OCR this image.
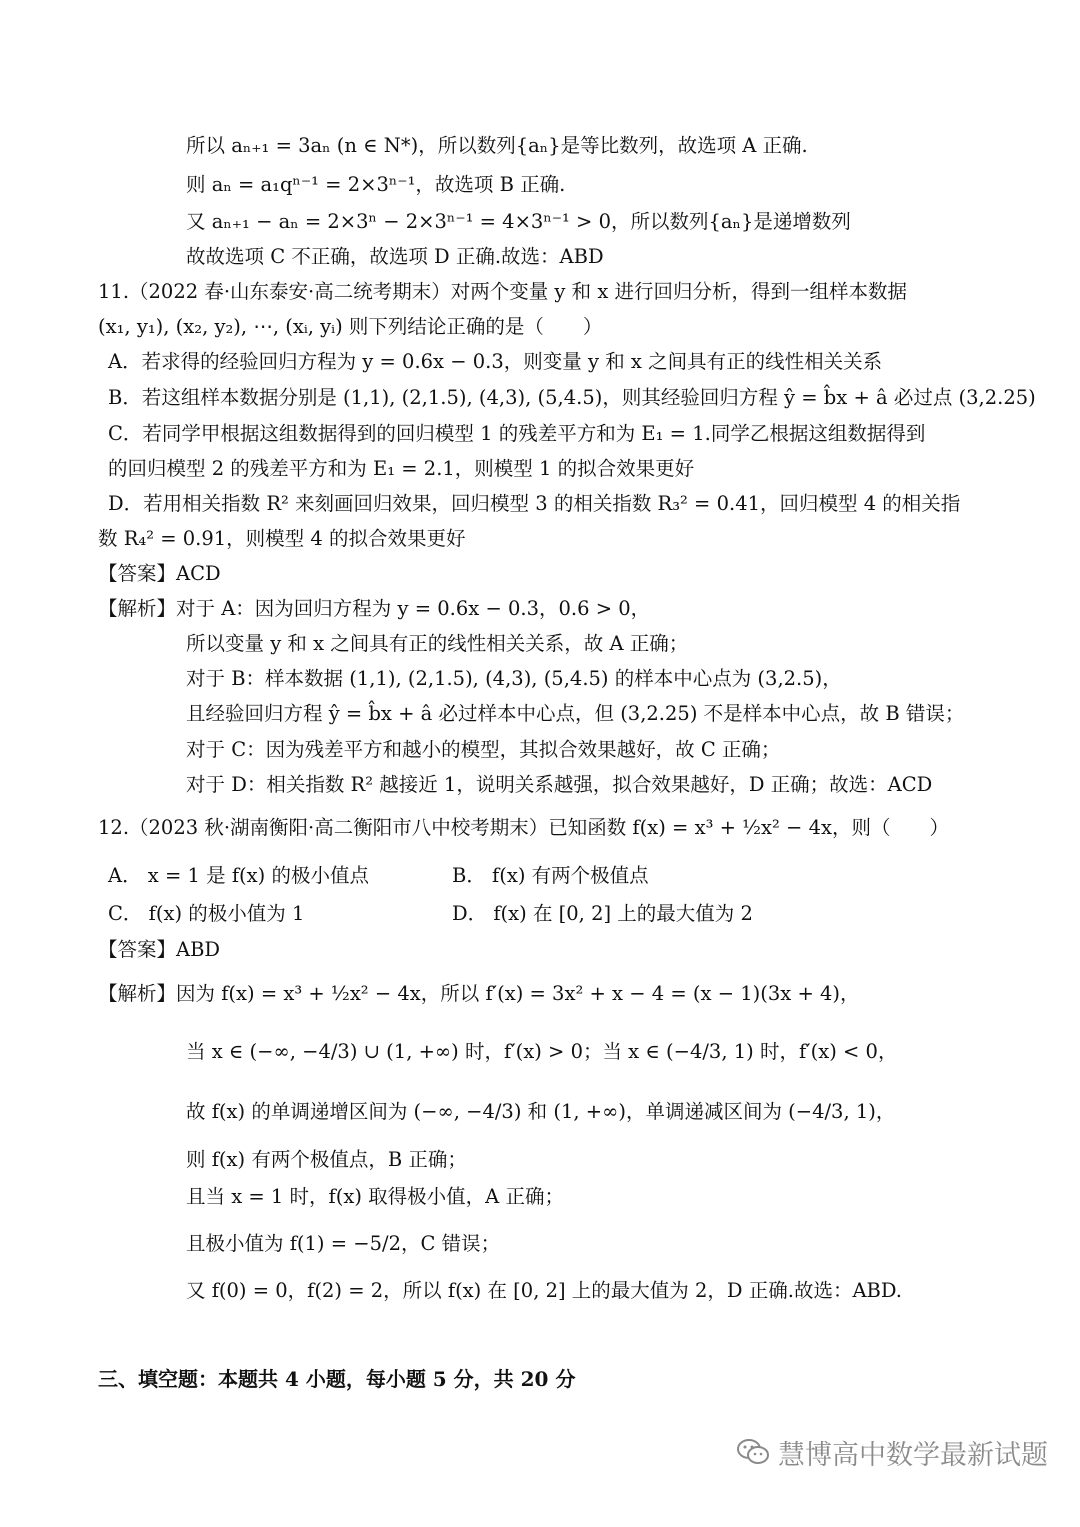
所以 aₙ₊₁ = 3aₙ (n ∈ N*)，所以数列{aₙ}是等比数列，故选项 A 正确.
则 aₙ = a₁qⁿ⁻¹ = 2×3ⁿ⁻¹，故选项 B 正确.
又 aₙ₊₁ − aₙ = 2×3ⁿ − 2×3ⁿ⁻¹ = 4×3ⁿ⁻¹ > 0，所以数列{aₙ}是递增数列
故故选项 C 不正确，故选项 D 正确.故选：ABD
11.（2022 春·山东泰安·高二统考期末）对两个变量 y 和 x 进行回归分析，得到一组样本数据
(x₁, y₁), (x₂, y₂), ⋯, (xᵢ, yᵢ) 则下列结论正确的是（　　）
A．若求得的经验回归方程为 y = 0.6x − 0.3，则变量 y 和 x 之间具有正的线性相关关系
B．若这组样本数据分别是 (1,1), (2,1.5), (4,3), (5,4.5)，则其经验回归方程 ŷ = b̂x + â 必过点 (3,2.25)
C．若同学甲根据这组数据得到的回归模型 1 的残差平方和为 E₁ = 1.同学乙根据这组数据得到
的回归模型 2 的残差平方和为 E₁ = 2.1，则模型 1 的拟合效果更好
D．若用相关指数 R² 来刻画回归效果，回归模型 3 的相关指数 R₃² = 0.41，回归模型 4 的相关指
数 R₄² = 0.91，则模型 4 的拟合效果更好
【答案】ACD
【解析】对于 A：因为回归方程为 y = 0.6x − 0.3，0.6 > 0，
所以变量 y 和 x 之间具有正的线性相关关系，故 A 正确；
对于 B：样本数据 (1,1), (2,1.5), (4,3), (5,4.5) 的样本中心点为 (3,2.5)，
且经验回归方程 ŷ = b̂x + â 必过样本中心点，但 (3,2.25) 不是样本中心点，故 B 错误；
对于 C：因为残差平方和越小的模型，其拟合效果越好，故 C 正确；
对于 D：相关指数 R² 越接近 1，说明关系越强，拟合效果越好，D 正确；故选：ACD
12.（2023 秋·湖南衡阳·高二衡阳市八中校考期末）已知函数 f(x) = x³ + ½x² − 4x，则（　　）
A． x = 1 是 f(x) 的极小值点	B． f(x) 有两个极值点
C． f(x) 的极小值为 1	D． f(x) 在 [0, 2] 上的最大值为 2
【答案】ABD
【解析】因为 f(x) = x³ + ½x² − 4x，所以 f′(x) = 3x² + x − 4 = (x − 1)(3x + 4)，
当 x ∈ (−∞, −4/3) ∪ (1, +∞) 时，f′(x) > 0；当 x ∈ (−4/3, 1) 时，f′(x) < 0，
故 f(x) 的单调递增区间为 (−∞, −4/3) 和 (1, +∞)，单调递减区间为 (−4/3, 1)，
则 f(x) 有两个极值点，B 正确；
且当 x = 1 时，f(x) 取得极小值，A 正确；
且极小值为 f(1) = −5/2，C 错误；
又 f(0) = 0，f(2) = 2，所以 f(x) 在 [0, 2] 上的最大值为 2，D 正确.故选：ABD.
三、填空题：本题共 4 小题，每小题 5 分，共 20 分
慧博高中数学最新试题
